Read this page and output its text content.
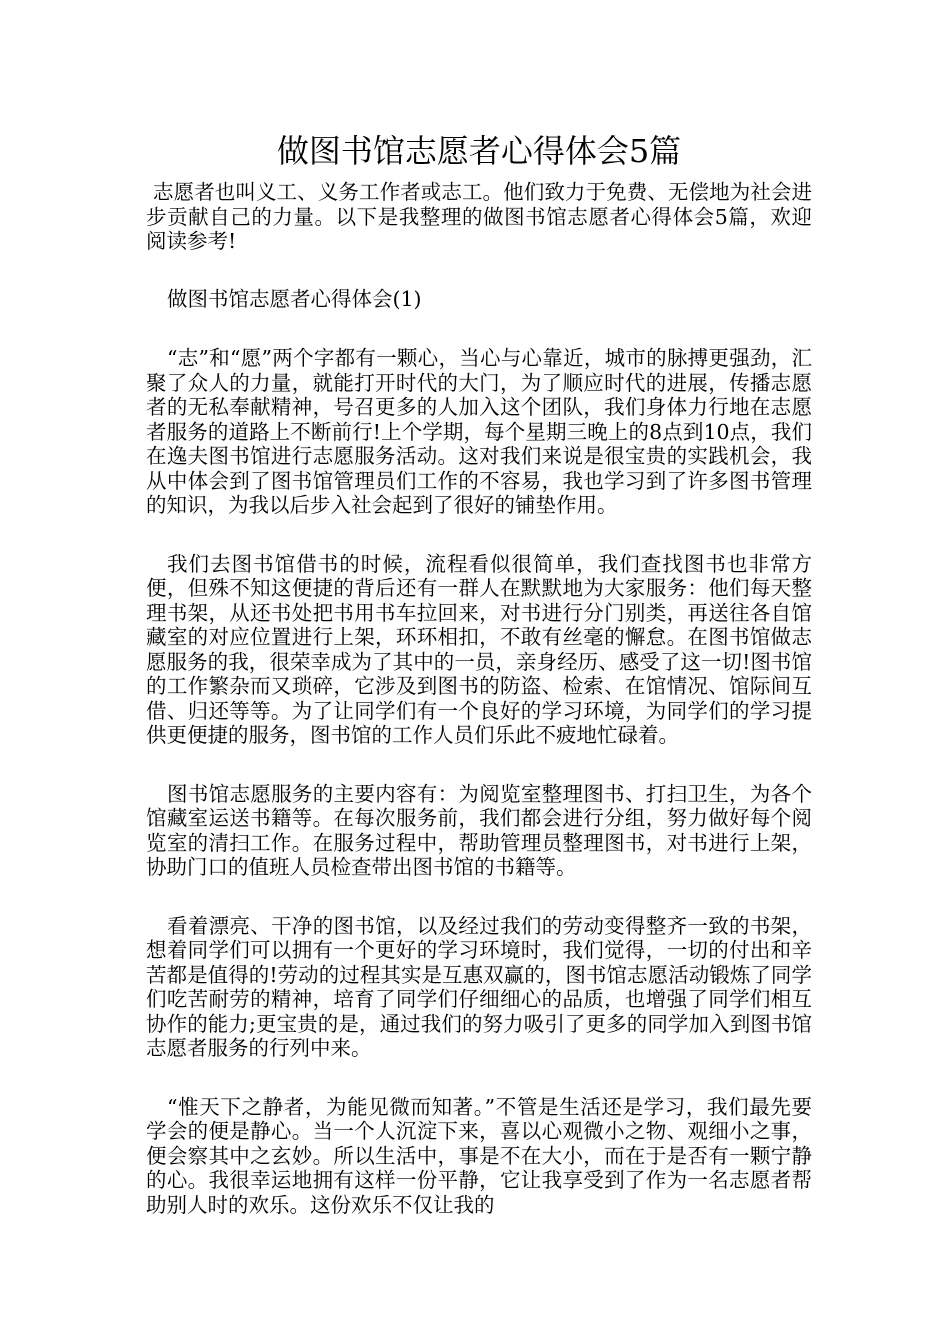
做图书馆志愿者心得体会5篇

志愿者也叫义工、义务工作者或志工。他们致力于免费、无偿地为社会进步贡献自己的力量。以下是我整理的做图书馆志愿者心得体会5篇，欢迎阅读参考!

做图书馆志愿者心得体会(1)

“志”和“愿”两个字都有一颗心，当心与心靠近，城市的脉搏更强劲，汇聚了众人的力量，就能打开时代的大门，为了顺应时代的进展，传播志愿者的无私奉献精神，号召更多的人加入这个团队，我们身体力行地在志愿者服务的道路上不断前行!上个学期，每个星期三晚上的8点到10点，我们在逸夫图书馆进行志愿服务活动。这对我们来说是很宝贵的实践机会，我从中体会到了图书馆管理员们工作的不容易，我也学习到了许多图书管理的知识，为我以后步入社会起到了很好的铺垫作用。

我们去图书馆借书的时候，流程看似很简单，我们查找图书也非常方便，但殊不知这便捷的背后还有一群人在默默地为大家服务：他们每天整理书架，从还书处把书用书车拉回来，对书进行分门别类，再送往各自馆藏室的对应位置进行上架，环环相扣，不敢有丝毫的懈怠。在图书馆做志愿服务的我，很荣幸成为了其中的一员，亲身经历、感受了这一切!图书馆的工作繁杂而又琐碎，它涉及到图书的防盗、检索、在馆情况、馆际间互借、归还等等。为了让同学们有一个良好的学习环境，为同学们的学习提供更便捷的服务，图书馆的工作人员们乐此不疲地忙碌着。

图书馆志愿服务的主要内容有：为阅览室整理图书、打扫卫生，为各个馆藏室运送书籍等。在每次服务前，我们都会进行分组，努力做好每个阅览室的清扫工作。在服务过程中，帮助管理员整理图书，对书进行上架，协助门口的值班人员检查带出图书馆的书籍等。

看着漂亮、干净的图书馆，以及经过我们的劳动变得整齐一致的书架，想着同学们可以拥有一个更好的学习环境时，我们觉得，一切的付出和辛苦都是值得的!劳动的过程其实是互惠双赢的，图书馆志愿活动锻炼了同学们吃苦耐劳的精神，培育了同学们仔细细心的品质，也增强了同学们相互协作的能力;更宝贵的是，通过我们的努力吸引了更多的同学加入到图书馆志愿者服务的行列中来。

“惟天下之静者，为能见微而知著。”不管是生活还是学习，我们最先要学会的便是静心。当一个人沉淀下来，喜以心观微小之物、观细小之事，便会察其中之玄妙。所以生活中，事是不在大小，而在于是否有一颗宁静的心。我很幸运地拥有这样一份平静，它让我享受到了作为一名志愿者帮助别人时的欢乐。这份欢乐不仅让我的
